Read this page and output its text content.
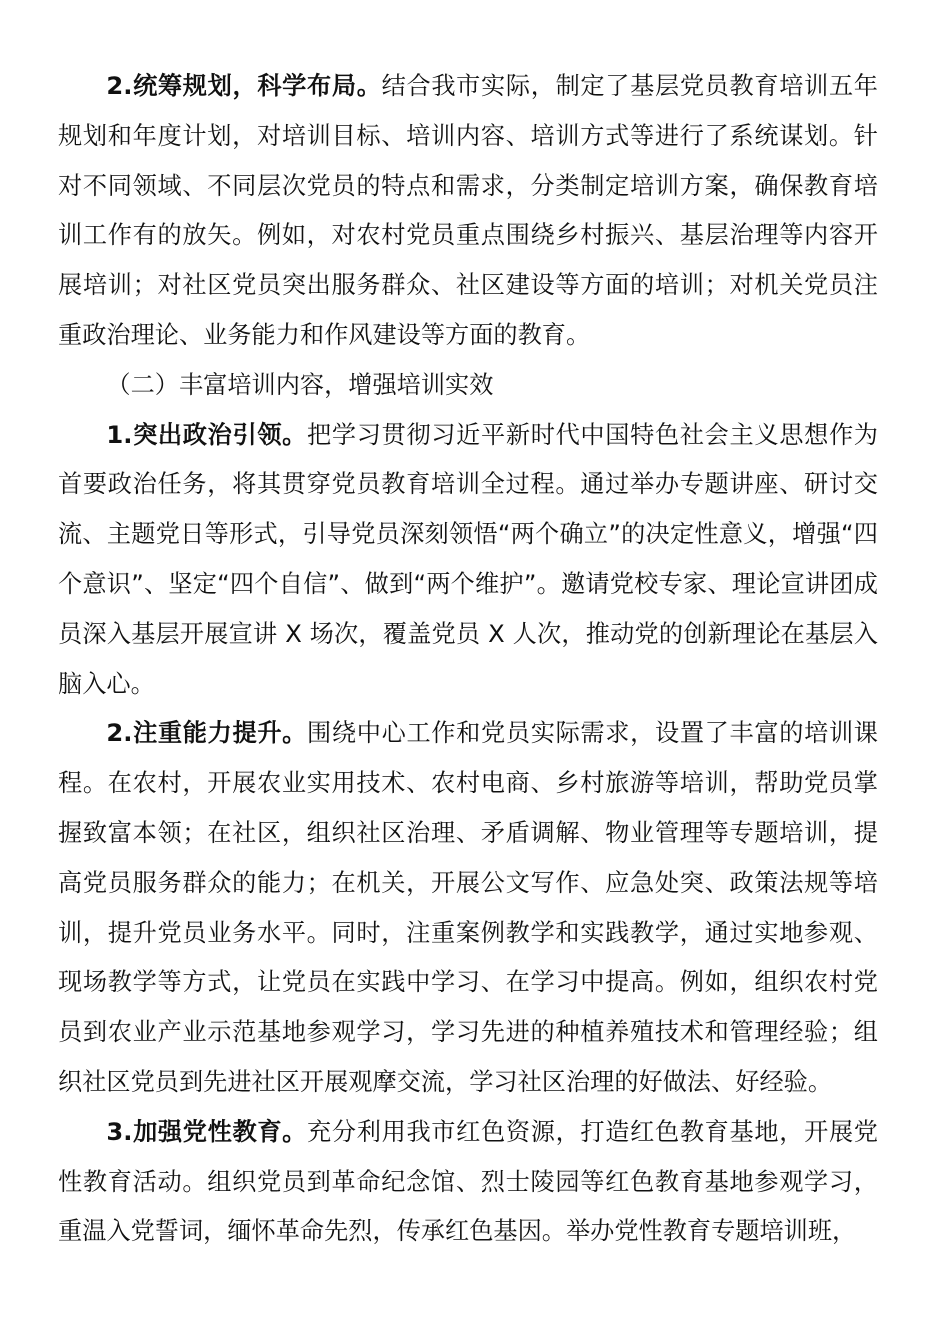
2.统筹规划，科学布局。结合我市实际，制定了基层党员教育培训五年规划和年度计划，对培训目标、培训内容、培训方式等进行了系统谋划。针对不同领域、不同层次党员的特点和需求，分类制定培训方案，确保教育培训工作有的放矢。例如，对农村党员重点围绕乡村振兴、基层治理等内容开展培训；对社区党员突出服务群众、社区建设等方面的培训；对机关党员注重政治理论、业务能力和作风建设等方面的教育。

（二）丰富培训内容，增强培训实效

1.突出政治引领。把学习贯彻习近平新时代中国特色社会主义思想作为首要政治任务，将其贯穿党员教育培训全过程。通过举办专题讲座、研讨交流、主题党日等形式，引导党员深刻领悟“两个确立”的决定性意义，增强“四个意识”、坚定“四个自信”、做到“两个维护”。邀请党校专家、理论宣讲团成员深入基层开展宣讲 X 场次，覆盖党员 X 人次，推动党的创新理论在基层入脑入心。

2.注重能力提升。围绕中心工作和党员实际需求，设置了丰富的培训课程。在农村，开展农业实用技术、农村电商、乡村旅游等培训，帮助党员掌握致富本领；在社区，组织社区治理、矛盾调解、物业管理等专题培训，提高党员服务群众的能力；在机关，开展公文写作、应急处突、政策法规等培训，提升党员业务水平。同时，注重案例教学和实践教学，通过实地参观、现场教学等方式，让党员在实践中学习、在学习中提高。例如，组织农村党员到农业产业示范基地参观学习，学习先进的种植养殖技术和管理经验；组织社区党员到先进社区开展观摩交流，学习社区治理的好做法、好经验。

3.加强党性教育。充分利用我市红色资源，打造红色教育基地，开展党性教育活动。组织党员到革命纪念馆、烈士陵园等红色教育基地参观学习，重温入党誓词，缅怀革命先烈，传承红色基因。举办党性教育专题培训班，
